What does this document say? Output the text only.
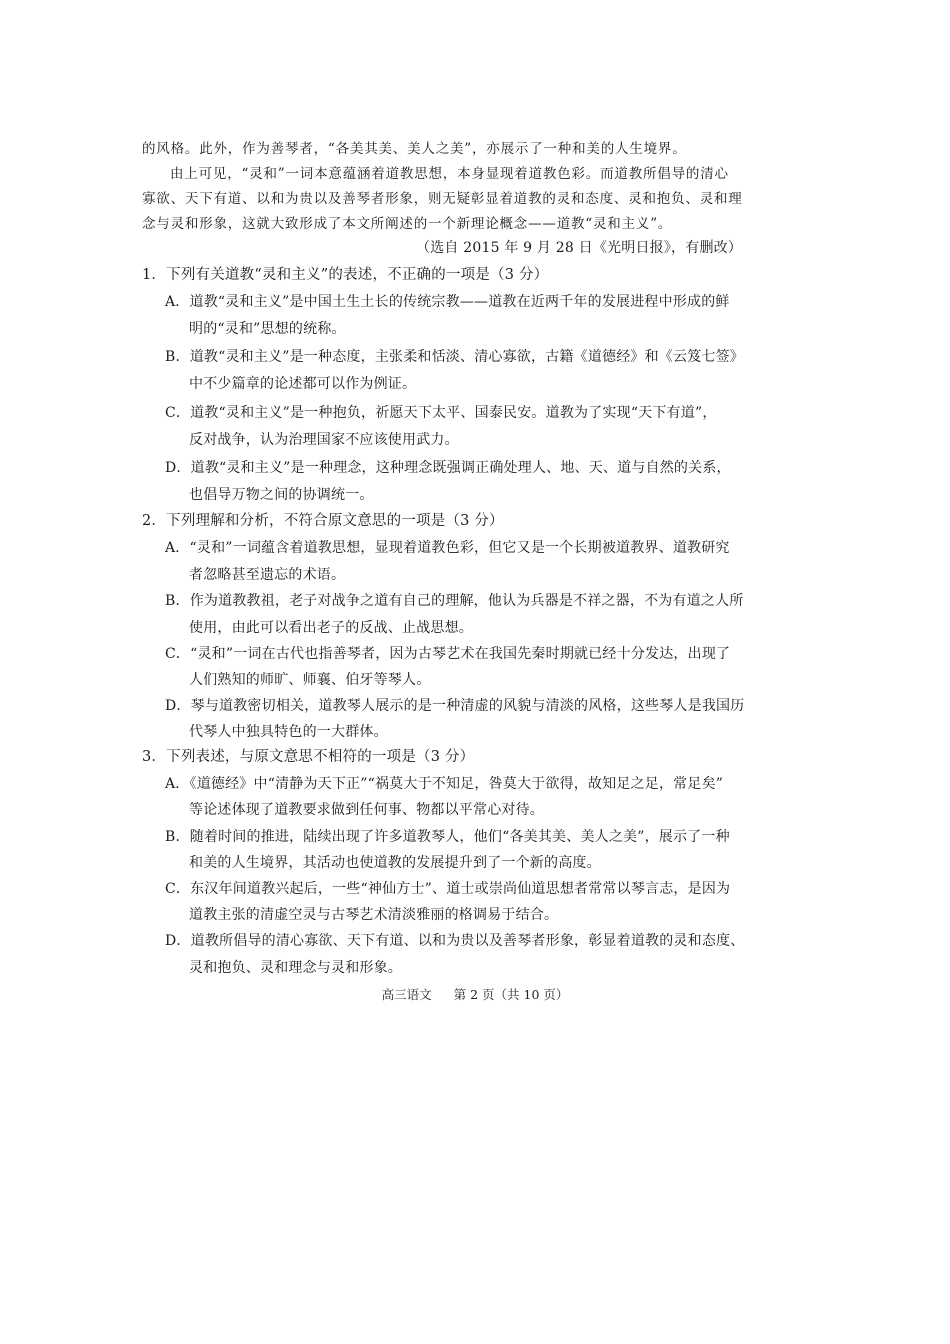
的风格。此外，作为善琴者，“各美其美、美人之美”，亦展示了一种和美的人生境界。
由上可见，“灵和”一词本意蕴涵着道教思想，本身显现着道教色彩。而道教所倡导的清心
寡欲、天下有道、以和为贵以及善琴者形象，则无疑彰显着道教的灵和态度、灵和抱负、灵和理
念与灵和形象，这就大致形成了本文所阐述的一个新理论概念——道教“灵和主义”。
（选自 2015 年 9 月 28 日《光明日报》，有删改）
1．下列有关道教“灵和主义”的表述，不正确的一项是（3 分）
A．道教“灵和主义”是中国土生土长的传统宗教——道教在近两千年的发展进程中形成的鲜
明的“灵和”思想的统称。
B．道教“灵和主义”是一种态度，主张柔和恬淡、清心寡欲，古籍《道德经》和《云笈七签》
中不少篇章的论述都可以作为例证。
C．道教“灵和主义”是一种抱负，祈愿天下太平、国泰民安。道教为了实现“天下有道”，
反对战争，认为治理国家不应该使用武力。
D．道教“灵和主义”是一种理念，这种理念既强调正确处理人、地、天、道与自然的关系，
也倡导万物之间的协调统一。
2．下列理解和分析，不符合原文意思的一项是（3 分）
A．“灵和”一词蕴含着道教思想，显现着道教色彩，但它又是一个长期被道教界、道教研究
者忽略甚至遗忘的术语。
B．作为道教教祖，老子对战争之道有自己的理解，他认为兵器是不祥之器，不为有道之人所
使用，由此可以看出老子的反战、止战思想。
C．“灵和”一词在古代也指善琴者，因为古琴艺术在我国先秦时期就已经十分发达，出现了
人们熟知的师旷、师襄、伯牙等琴人。
D．琴与道教密切相关，道教琴人展示的是一种清虚的风貌与清淡的风格，这些琴人是我国历
代琴人中独具特色的一大群体。
3．下列表述，与原文意思不相符的一项是（3 分）
A．《道德经》中“清静为天下正”“祸莫大于不知足，咎莫大于欲得，故知足之足，常足矣”
等论述体现了道教要求做到任何事、物都以平常心对待。
B．随着时间的推进，陆续出现了许多道教琴人，他们“各美其美、美人之美”，展示了一种
和美的人生境界，其活动也使道教的发展提升到了一个新的高度。
C．东汉年间道教兴起后，一些“神仙方士”、道士或崇尚仙道思想者常常以琴言志，是因为
道教主张的清虚空灵与古琴艺术清淡雅丽的格调易于结合。
D．道教所倡导的清心寡欲、天下有道、以和为贵以及善琴者形象，彰显着道教的灵和态度、
灵和抱负、灵和理念与灵和形象。
高三语文 第 2 页（共 10 页）
